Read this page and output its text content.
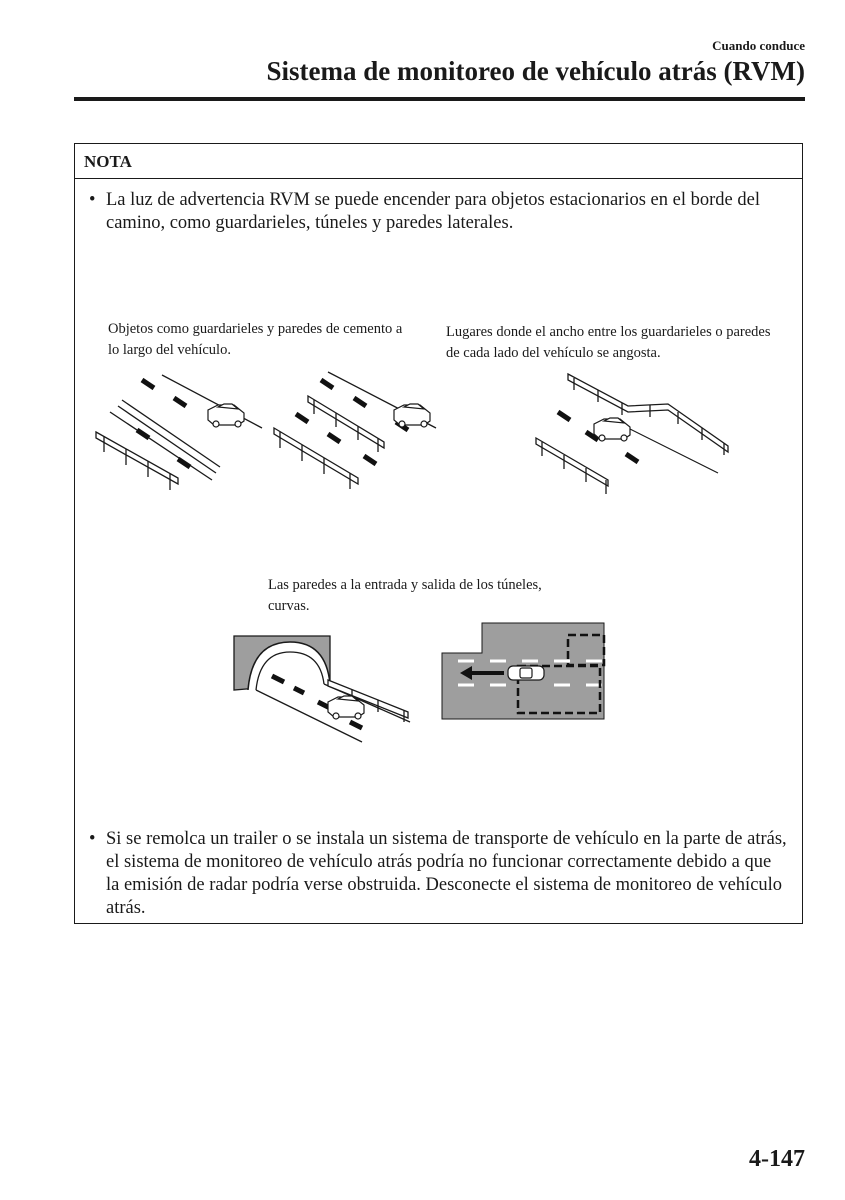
Cuando conduce
Sistema de monitoreo de vehículo atrás (RVM)
NOTA
• La luz de advertencia RVM se puede encender para objetos estacionarios en el borde del camino, como guardarieles, túneles y paredes laterales.
• Si se remolca un trailer o se instala un sistema de transporte de vehículo en la parte de atrás, el sistema de monitoreo de vehículo atrás podría no funcionar correctamente debido a que la emisión de radar podría verse obstruida. Desconecte el sistema de monitoreo de vehículo atrás.
Objetos como guardarieles y paredes de cemento a lo largo del vehículo.
Lugares donde el ancho entre los guardarieles o paredes de cada lado del vehículo se angosta.
Las paredes a la entrada y salida de los túneles, curvas.
4-147
